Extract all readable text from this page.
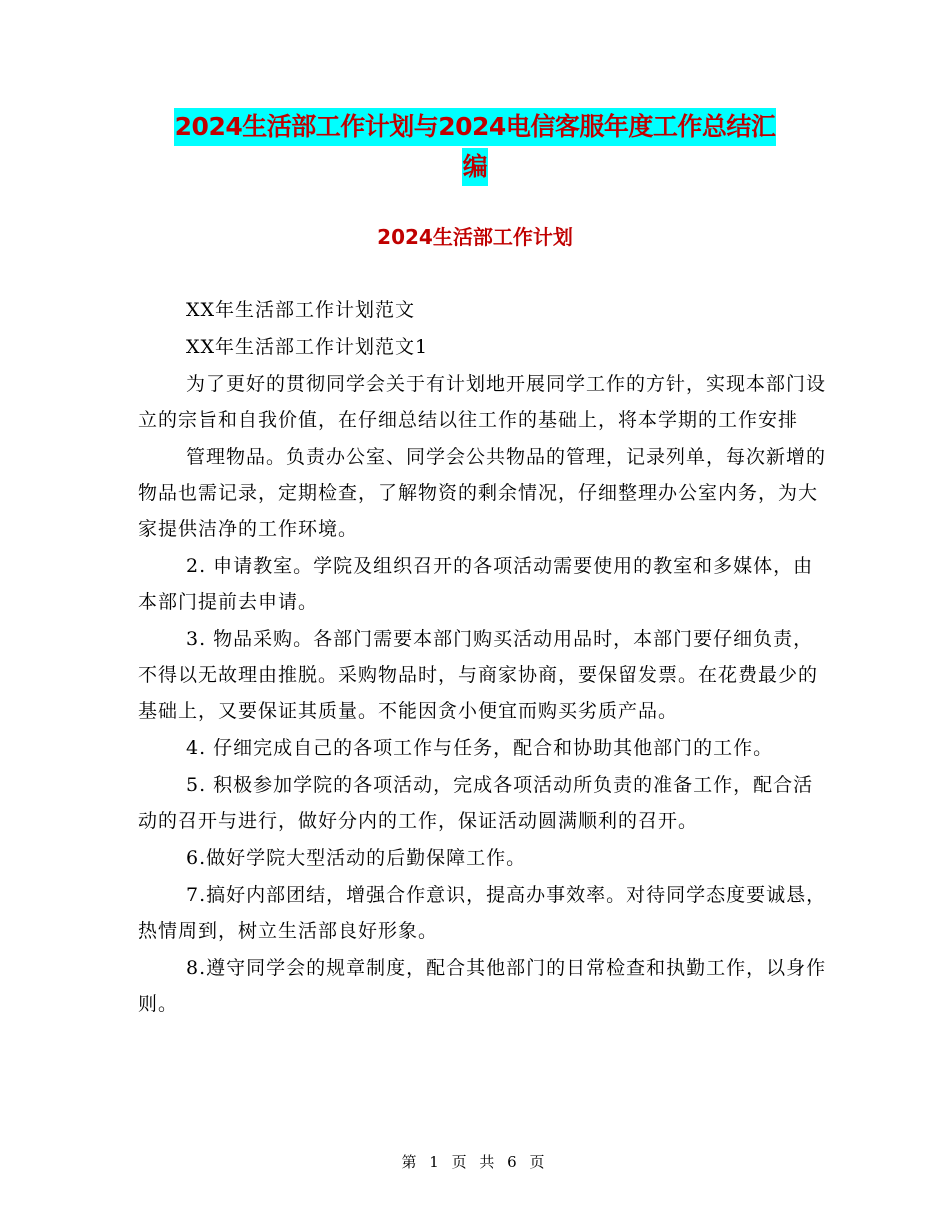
2024生活部工作计划与2024电信客服年度工作总结汇
编
2024生活部工作计划

XX年生活部工作计划范文

XX年生活部工作计划范文1

为了更好的贯彻同学会关于有计划地开展同学工作的方针，实现本部门设立的宗旨和自我价值，在仔细总结以往工作的基础上，将本学期的工作安排

管理物品。负责办公室、同学会公共物品的管理，记录列单，每次新增的物品也需记录，定期检查，了解物资的剩余情况，仔细整理办公室内务，为大家提供洁净的工作环境。

2. 申请教室。学院及组织召开的各项活动需要使用的教室和多媒体，由本部门提前去申请。

3. 物品采购。各部门需要本部门购买活动用品时，本部门要仔细负责，不得以无故理由推脱。采购物品时，与商家协商，要保留发票。在花费最少的基础上，又要保证其质量。不能因贪小便宜而购买劣质产品。

4. 仔细完成自己的各项工作与任务，配合和协助其他部门的工作。

5. 积极参加学院的各项活动，完成各项活动所负责的准备工作，配合活动的召开与进行，做好分内的工作，保证活动圆满顺利的召开。

6.做好学院大型活动的后勤保障工作。

7.搞好内部团结，增强合作意识，提高办事效率。对待同学态度要诚恳，热情周到，树立生活部良好形象。

8.遵守同学会的规章制度，配合其他部门的日常检查和执勤工作，以身作则。

第 1 页 共 6 页
